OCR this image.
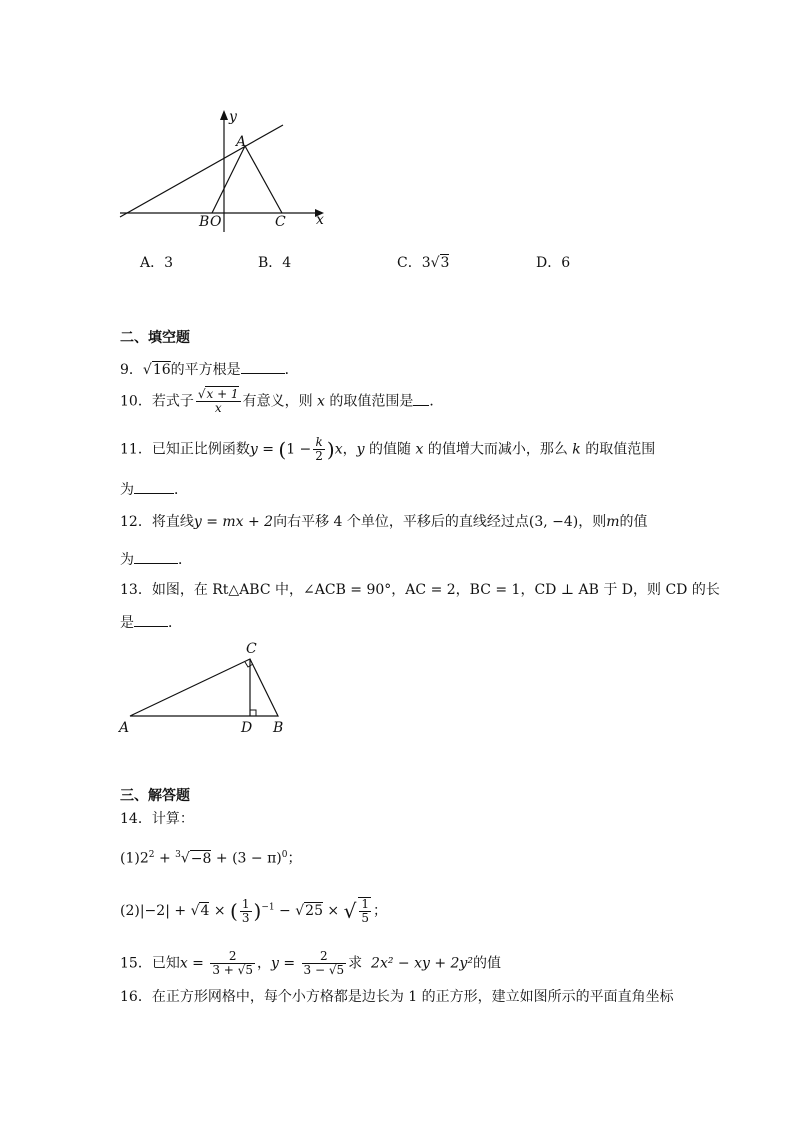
y
x
A
B O	C
A．3	B．4	C．3√3	D．6
二、填空题
9．√16的平方根是	．
10．若式子 $\frac{√x + 1}{x}$ 有意义，则 x 的取值范围是 ．
11．已知正比例函数$y = (1 - \frac{k}{2} )x$，y 的值随 x 的值增大而减小，那么 k 的取值范围
为	．
12．将直线y = mx + 2向右平移 4 个单位，平移后的直线经过点(3, −4)，则m的值
为	．
13．如图，在 Rt△ABC 中，∠ACB = 90°，AC = 2，BC = 1，CD ⊥ AB 于 D，则 CD 的长
是 ．
C
A	D B
三、解答题
14．计算：
$(1)2^2 + ^3√-8 + (3 - \pi)^0$；
(2)|−2| + √4 × ( $\frac{1}{3} )^{-1} - √25$ × √ $\frac{1}{5}$ ；
15．已知$x = \frac{2}{3 + √5}$ ，$y = \frac{2}{3 - √5}$ 求 2x² − xy + 2y²的值
16．在正方形网格中，每个小方格都是边长为 1 的正方形，建立如图所示的平面直角坐标
